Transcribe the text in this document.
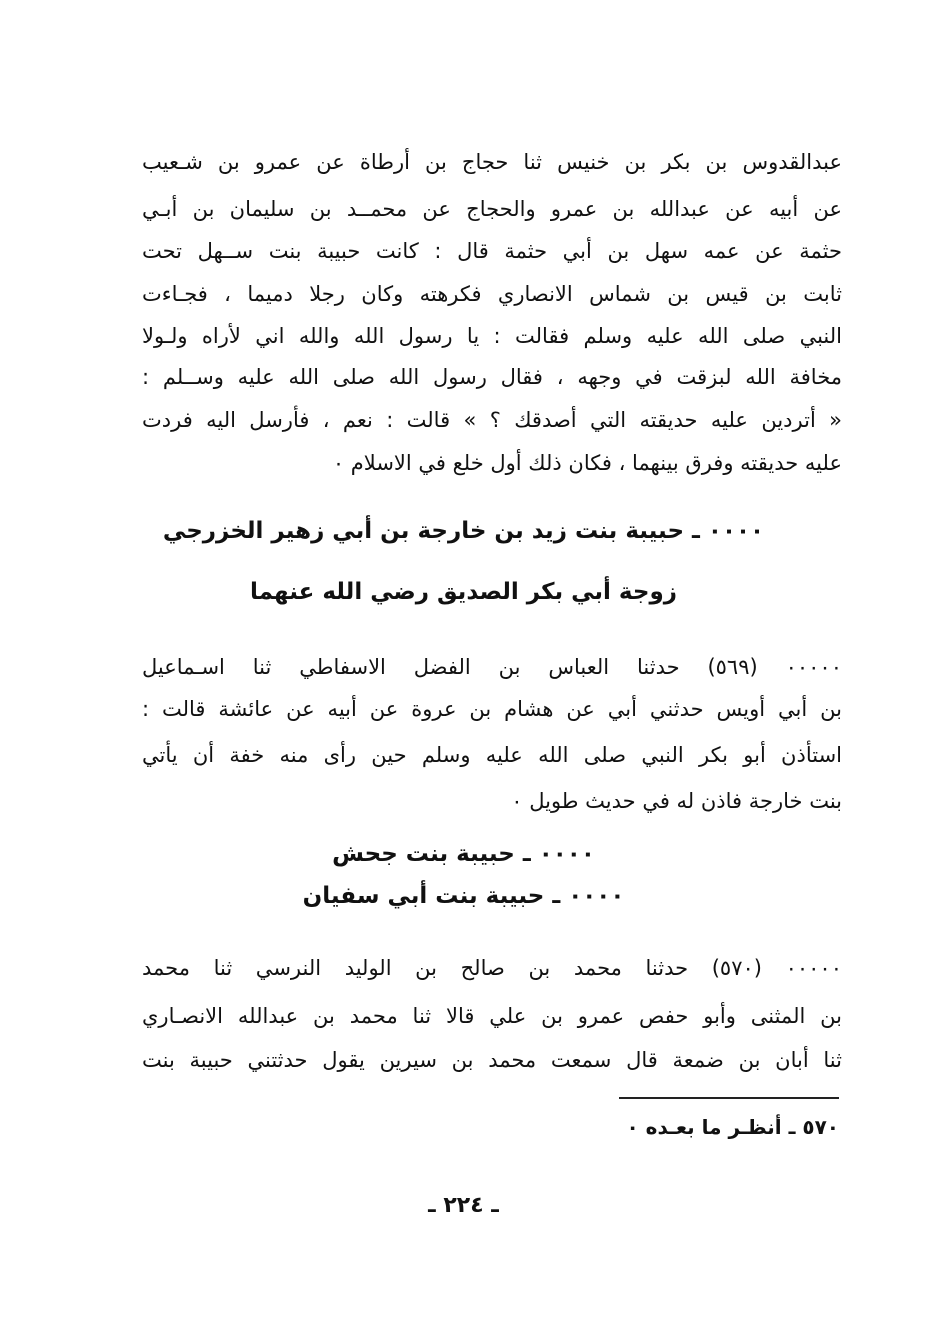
عبدالقدوس بن بكر بن خنيس ثنا حجاج بن أرطاة عن عمرو بن شـعيب
عن أبيه عن عبدالله بن عمرو والحجاج عن محمــد بن سليمان بن أبـي
حثمة عن عمه سهل بن أبي حثمة قال : كانت حبيبة بنت ســهل تحت
ثابت بن قيس بن شماس الانصاري فكرهته وكان رجلا دميما ، فجـاءت
النبي صلى الله عليه وسلم فقالت : يا رسول الله والله اني لأراه ولـولا
مخافة الله لبزقت في وجهه ، فقال رسول الله صلى الله عليه وســلم :
« أتردين عليه حديقته التي أصدقك ؟ » قالت : نعم ، فأرسل اليه فردت
عليه حديقته وفرق بينهما ، فكان ذلك أول خلع في الاسلام ٠
٠٠٠٠ ـ حبيبة بنت زيد بن خارجة بن أبي زهير الخزرجي
زوجة أبي بكر الصديق رضي الله عنهما
٠٠٠٠٠ (٥٦٩) حدثنا العباس بن الفضل الاسفاطي ثنا اسـماعيل
بن أبي أويس حدثني أبي عن هشام بن عروة عن أبيه عن عائشة قالت :
استأذن أبو بكر النبي صلى الله عليه وسلم حين رأى منه خفة أن يأتي
بنت خارجة فاذن له في حديث طويل ٠
٠٠٠٠ ـ حبيبة بنت جحش
٠٠٠٠ ـ حبيبة بنت أبي سفيان
٠٠٠٠٠ (٥٧٠) حدثنا محمد بن صالح بن الوليد النرسي ثنا محمد
بن المثنى وأبو حفص عمرو بن علي قالا ثنا محمد بن عبدالله الانصـاري
ثنا أبان بن ضمعة قال سمعت محمد بن سيرين يقول حدثتني حبيبة بنت
٥٧٠ ـ أنظـر ما بعـده ٠
ـ ٢٢٤ ـ
